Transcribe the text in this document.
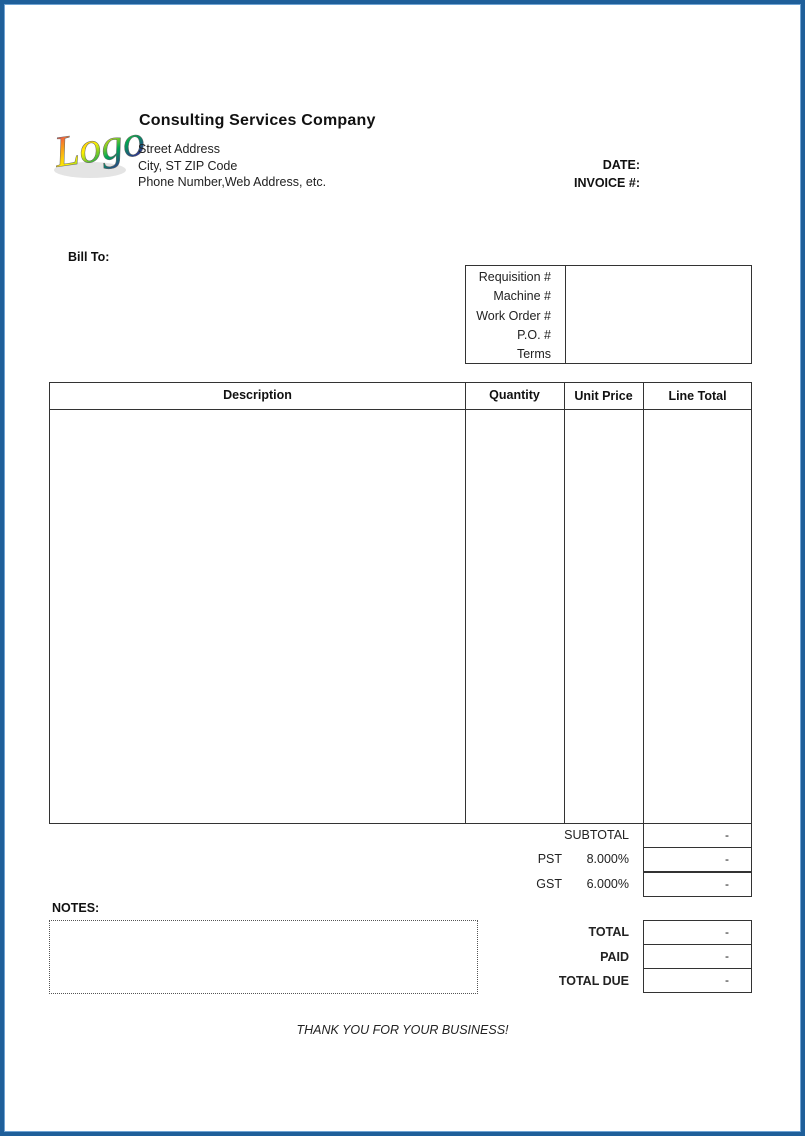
Logo
Consulting Services Company
Street Address
City, ST ZIP Code
Phone Number,Web Address, etc.
DATE:
INVOICE #:
Bill To:
Requisition #
Machine #
Work Order #
P.O. #
Terms
Description	Quantity	Unit Price	Line Total
SUBTOTAL	-
PST 8.000%	-
GST 6.000%	-
TOTAL	-
PAID	-
TOTAL DUE	-
NOTES:
THANK YOU FOR YOUR BUSINESS!
